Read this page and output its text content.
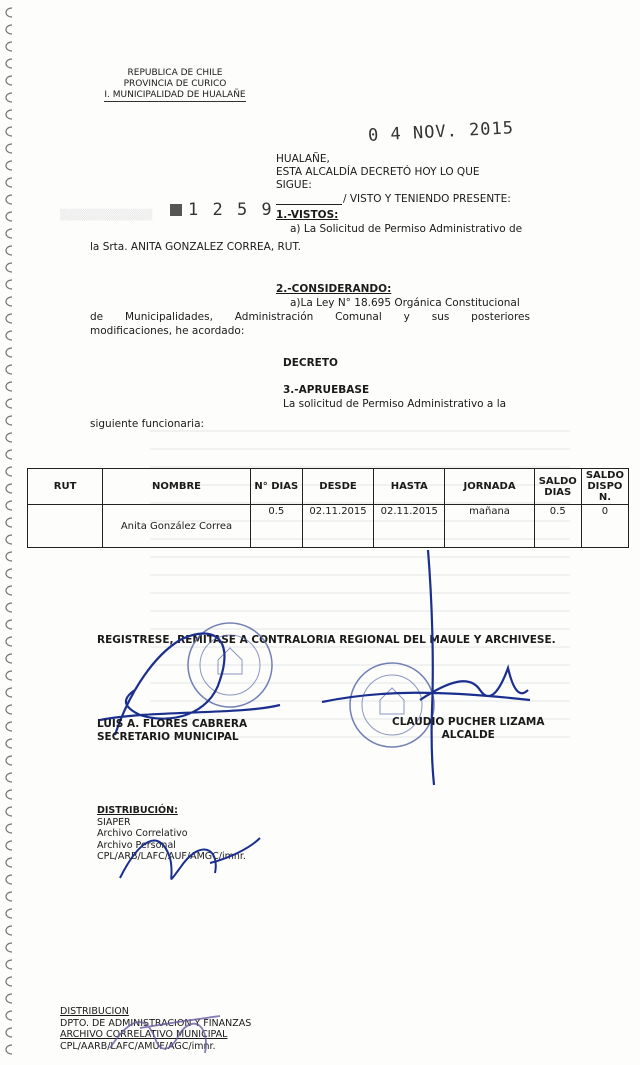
▒▒▒▒▒▒▒▒▒▒▒▒
REPUBLICA DE CHILE
PROVINCIA DE CURICO
I. MUNICIPALIDAD DE HUALAÑE
0 4 NOV. 2015
HUALAÑE,
ESTA ALCALDÍA DECRETÓ HOY LO QUE
SIGUE:
/ VISTO Y TENIENDO PRESENTE:
1 2 5 9 1.-VISTOS:
a) La Solicitud de Permiso Administrativo de
la Srta. ANITA GONZALEZ CORREA, RUT.
2.-CONSIDERANDO:
a)La Ley N° 18.695 Orgánica Constitucional
de Municipalidades, Administración Comunal y sus posteriores
modificaciones, he acordado:
DECRETO
3.-APRUEBASE
La solicitud de Permiso Administrativo a la
siguiente funcionaria:
RUT	NOMBRE	N° DIAS	DESDE	HASTA	JORNADA	SALDO DIAS	SALDO DISPO N.
	Anita González Correa	0.5	02.11.2015	02.11.2015	mañana	0.5	0
REGISTRESE, REMITASE A CONTRALORIA REGIONAL DEL MAULE Y ARCHIVESE.
LUIS A. FLORES CABRERA
SECRETARIO MUNICIPAL
CLAUDIO PUCHER LIZAMA
ALCALDE
DISTRIBUCIÓN:
SIAPER
Archivo Correlativo
Archivo Personal
CPL/ARB/LAFC/AUF/AMGC/imnr.
DISTRIBUCION
DPTO. DE ADMINISTRACION Y FINANZAS
ARCHIVO CORRELATIVO MUNICIPAL
CPL/AARB/LAFC/AMUF/AGC/imnr.
